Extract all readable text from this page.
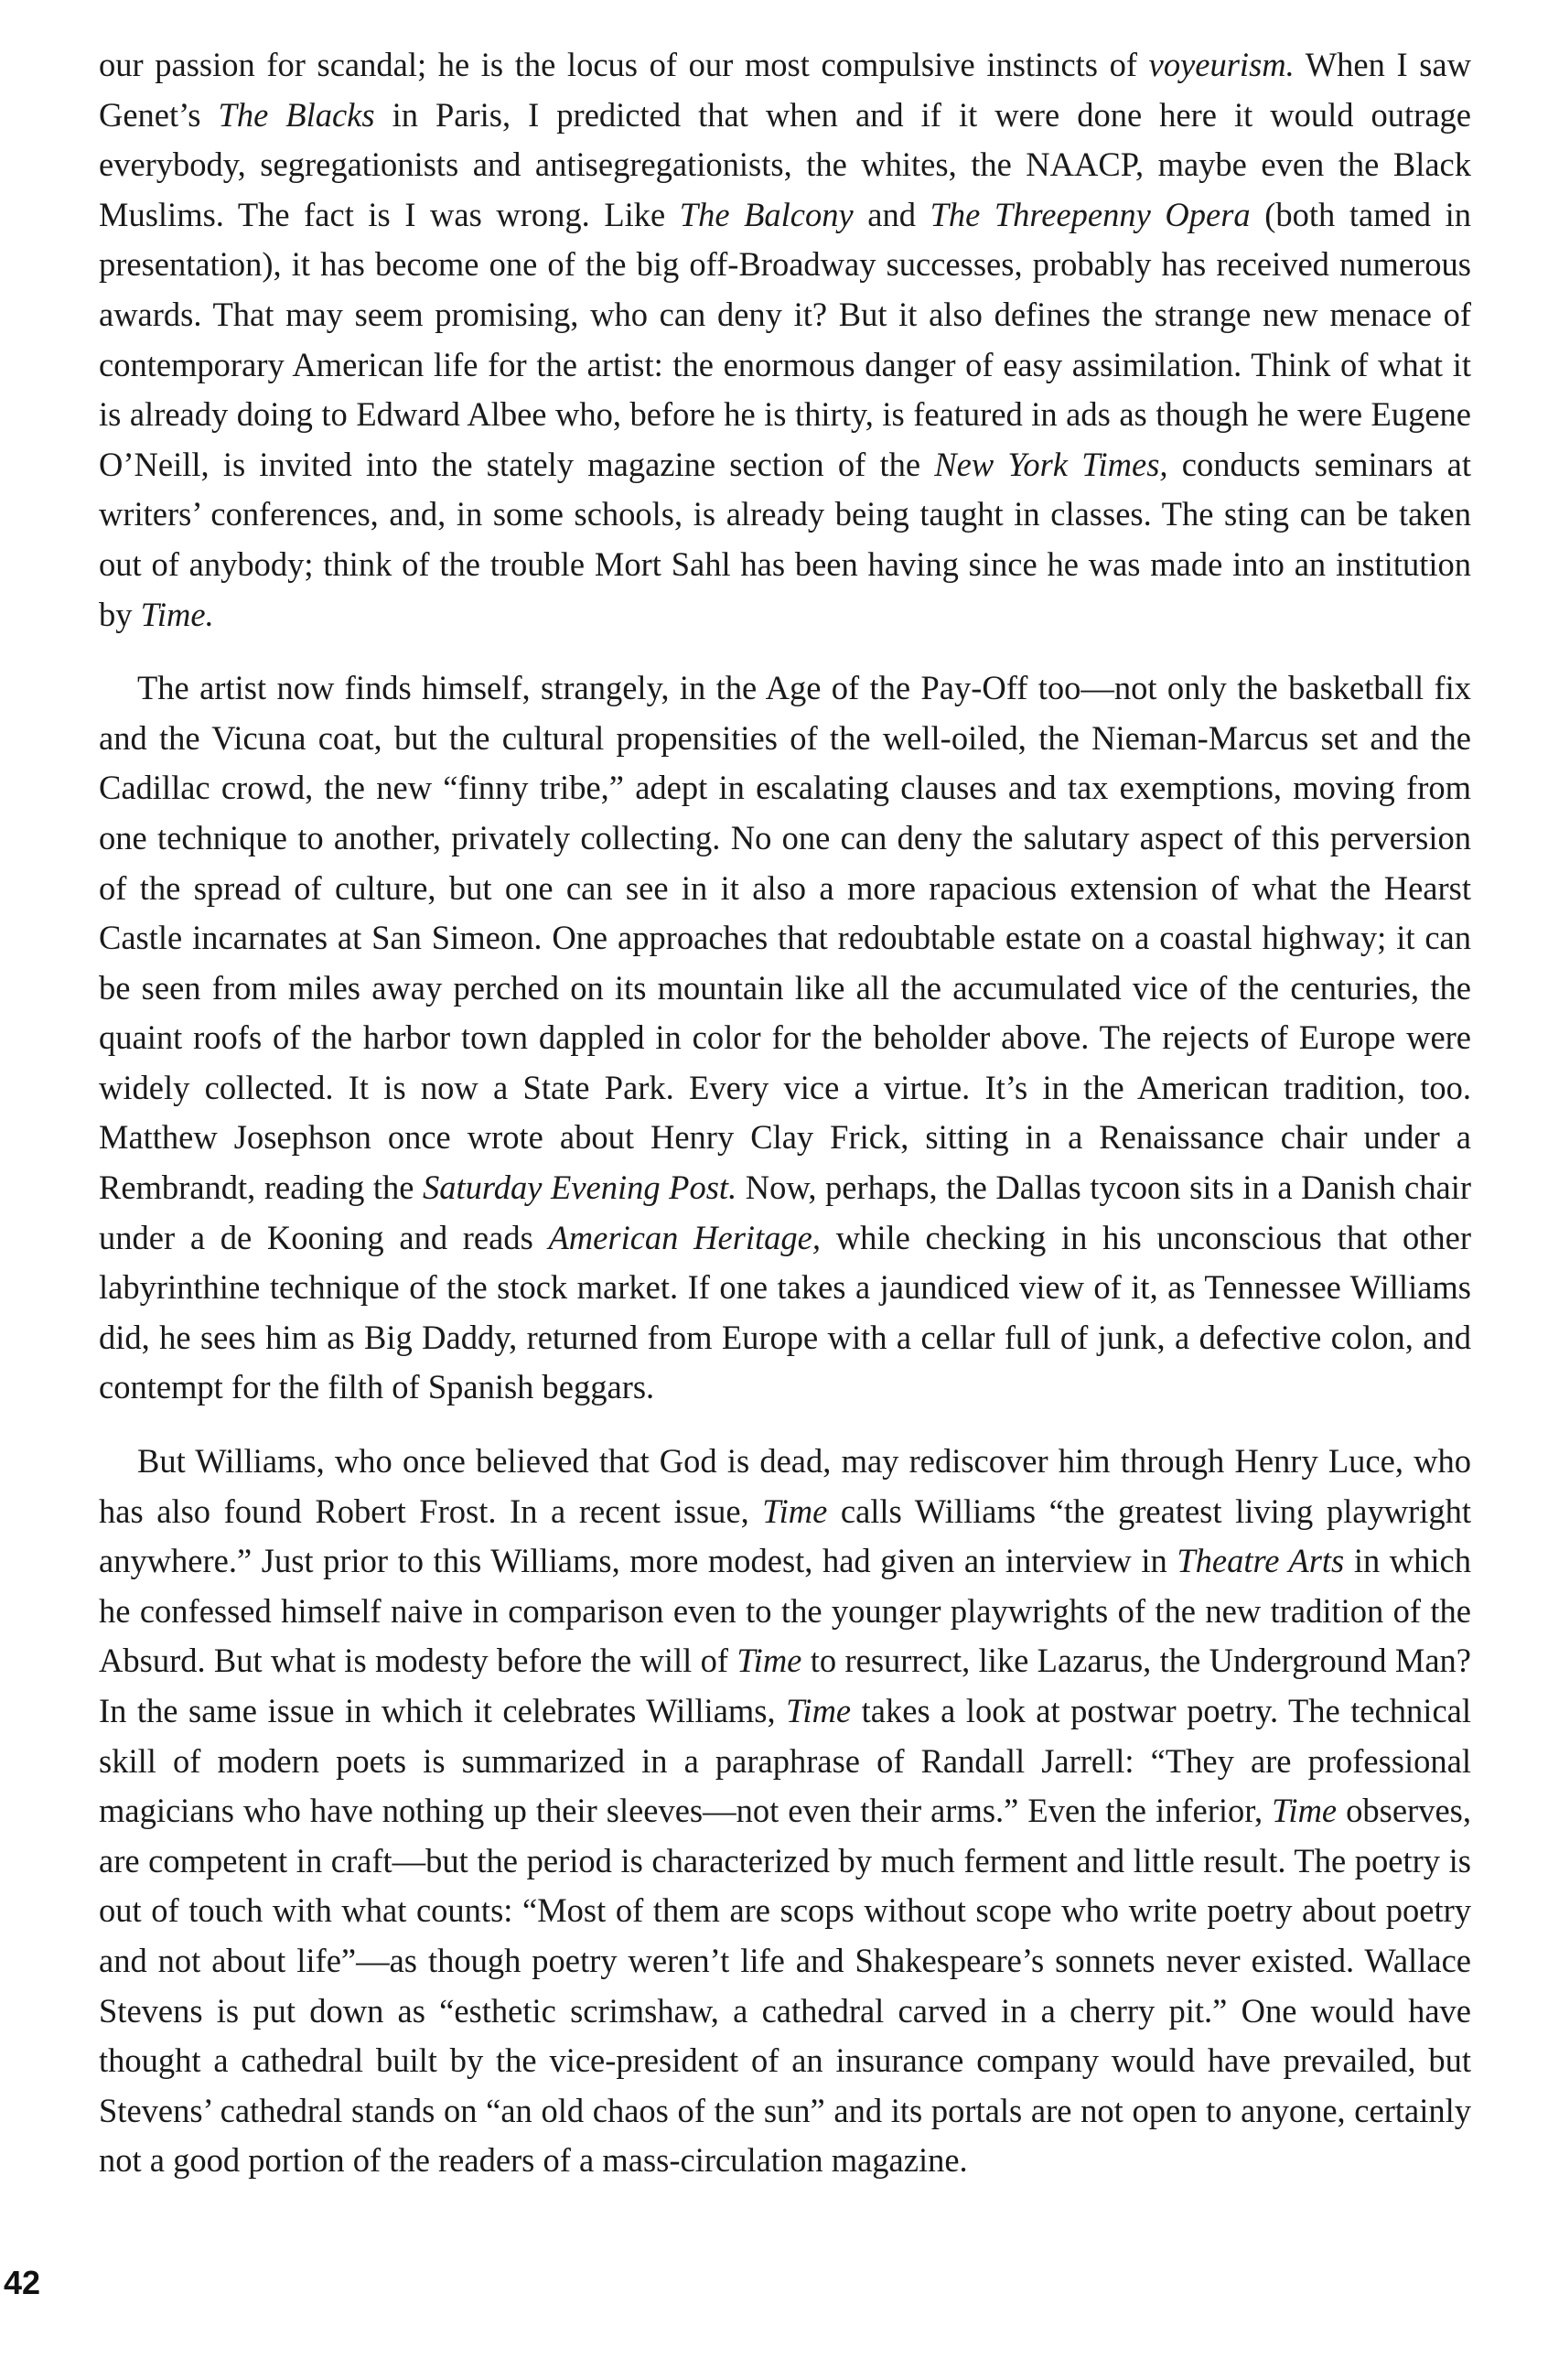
our passion for scandal; he is the locus of our most compulsive instincts of voyeurism. When I saw Genet’s The Blacks in Paris, I predicted that when and if it were done here it would outrage everybody, segregationists and antisegregationists, the whites, the NAACP, maybe even the Black Muslims. The fact is I was wrong. Like The Balcony and The Threepenny Opera (both tamed in presentation), it has become one of the big off-Broadway successes, probably has received numerous awards. That may seem promising, who can deny it? But it also defines the strange new menace of contemporary American life for the artist: the enormous danger of easy assimilation. Think of what it is already doing to Edward Albee who, before he is thirty, is featured in ads as though he were Eugene O’Neill, is invited into the stately magazine section of the New York Times, conducts seminars at writers’ conferences, and, in some schools, is already being taught in classes. The sting can be taken out of anybody; think of the trouble Mort Sahl has been having since he was made into an institution by Time.

The artist now finds himself, strangely, in the Age of the Pay-Off too—not only the basketball fix and the Vicuna coat, but the cultural propensities of the well-oiled, the Nieman-Marcus set and the Cadillac crowd, the new “finny tribe,” adept in escalating clauses and tax exemptions, moving from one technique to another, privately collecting. No one can deny the salutary aspect of this perversion of the spread of culture, but one can see in it also a more rapacious extension of what the Hearst Castle incarnates at San Simeon. One approaches that redoubtable estate on a coastal highway; it can be seen from miles away perched on its mountain like all the accumulated vice of the centuries, the quaint roofs of the harbor town dappled in color for the beholder above. The rejects of Europe were widely collected. It is now a State Park. Every vice a virtue. It’s in the American tradition, too. Matthew Josephson once wrote about Henry Clay Frick, sitting in a Renaissance chair under a Rembrandt, reading the Saturday Evening Post. Now, perhaps, the Dallas tycoon sits in a Danish chair under a de Kooning and reads American Heritage, while checking in his unconscious that other labyrinthine technique of the stock market. If one takes a jaundiced view of it, as Tennessee Williams did, he sees him as Big Daddy, returned from Europe with a cellar full of junk, a defective colon, and contempt for the filth of Spanish beggars.

But Williams, who once believed that God is dead, may rediscover him through Henry Luce, who has also found Robert Frost. In a recent issue, Time calls Williams “the greatest living playwright anywhere.” Just prior to this Williams, more modest, had given an interview in Theatre Arts in which he confessed himself naive in comparison even to the younger playwrights of the new tradition of the Absurd. But what is modesty before the will of Time to resurrect, like Lazarus, the Underground Man? In the same issue in which it celebrates Williams, Time takes a look at postwar poetry. The technical skill of modern poets is summarized in a paraphrase of Randall Jarrell: “They are professional magicians who have nothing up their sleeves—not even their arms.” Even the inferior, Time observes, are competent in craft—but the period is characterized by much ferment and little result. The poetry is out of touch with what counts: “Most of them are scops without scope who write poetry about poetry and not about life”—as though poetry weren’t life and Shakespeare’s sonnets never existed. Wallace Stevens is put down as “esthetic scrimshaw, a cathedral carved in a cherry pit.” One would have thought a cathedral built by the vice-president of an insurance company would have prevailed, but Stevens’ cathedral stands on “an old chaos of the sun” and its portals are not open to anyone, certainly not a good portion of the readers of a mass-circulation magazine.

42
